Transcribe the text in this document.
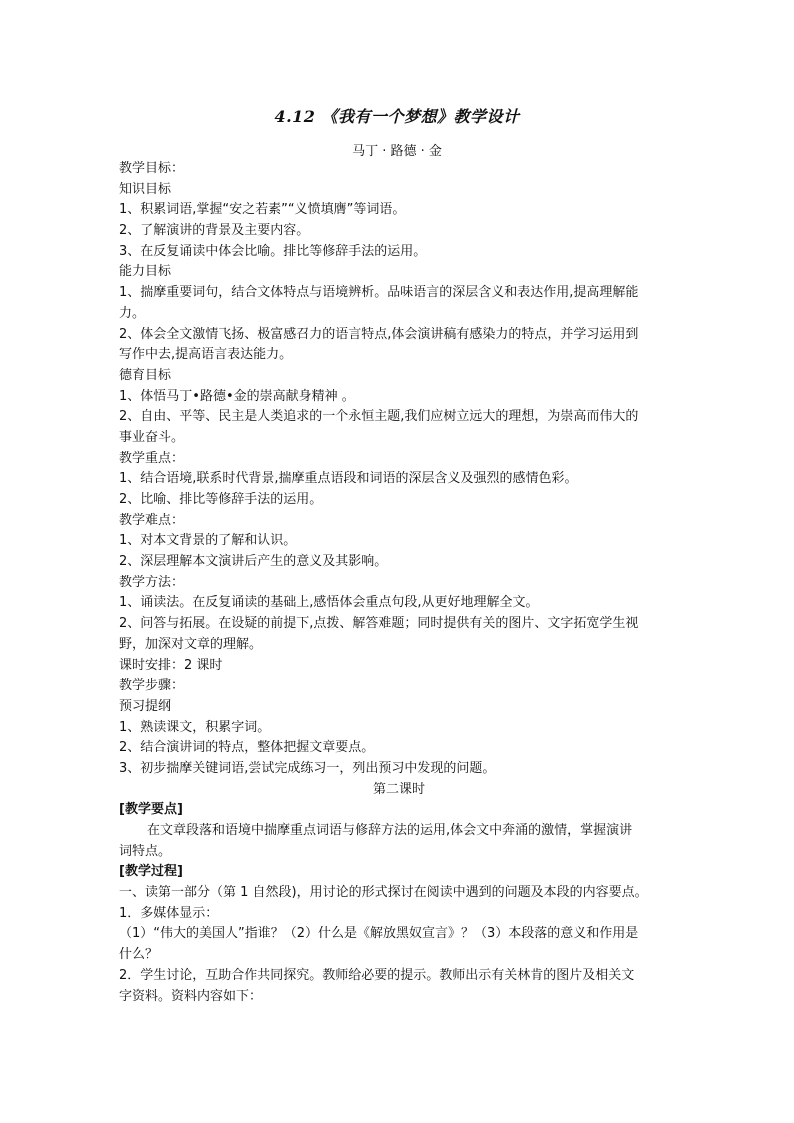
4.12 《我有一个梦想》教学设计
马丁 · 路德 · 金
教学目标：
知识目标
1、积累词语,掌握“安之若素”“义愤填膺”等词语。
2、了解演讲的背景及主要内容。
3、在反复诵读中体会比喻。排比等修辞手法的运用。
能力目标
1、揣摩重要词句，结合文体特点与语境辨析。品味语言的深层含义和表达作用,提高理解能
力。
2、体会全文激情飞扬、极富感召力的语言特点,体会演讲稿有感染力的特点，并学习运用到
写作中去,提高语言表达能力。
德育目标
1、体悟马丁•路德•金的崇高献身精神 。
2、自由、平等、民主是人类追求的一个永恒主题,我们应树立远大的理想，为崇高而伟大的
事业奋斗。
教学重点：
1、结合语境,联系时代背景,揣摩重点语段和词语的深层含义及强烈的感情色彩。
2、比喻、排比等修辞手法的运用。
教学难点：
1、对本文背景的了解和认识。
2、深层理解本文演讲后产生的意义及其影响。
教学方法：
1、诵读法。在反复诵读的基础上,感悟体会重点句段,从更好地理解全文。
2、问答与拓展。在设疑的前提下,点拨、解答难题；同时提供有关的图片、文字拓宽学生视
野，加深对文章的理解。
课时安排：2 课时
教学步骤：
预习提纲
1、熟读课文，积累字词。
2、结合演讲词的特点，整体把握文章要点。
3、初步揣摩关键词语,尝试完成练习一，列出预习中发现的问题。
第二课时
[教学要点]
在文章段落和语境中揣摩重点词语与修辞方法的运用,体会文中奔涌的激情，掌握演讲
词特点。
[教学过程]
一、读第一部分（第 1 自然段)，用讨论的形式探讨在阅读中遇到的问题及本段的内容要点。
1．多媒体显示：
（1）“伟大的美国人”指谁？（2）什么是《解放黑奴宣言》？（3）本段落的意义和作用是
什么？
2．学生讨论，互助合作共同探究。教师给必要的提示。教师出示有关林肯的图片及相关文
字资料。资料内容如下：
